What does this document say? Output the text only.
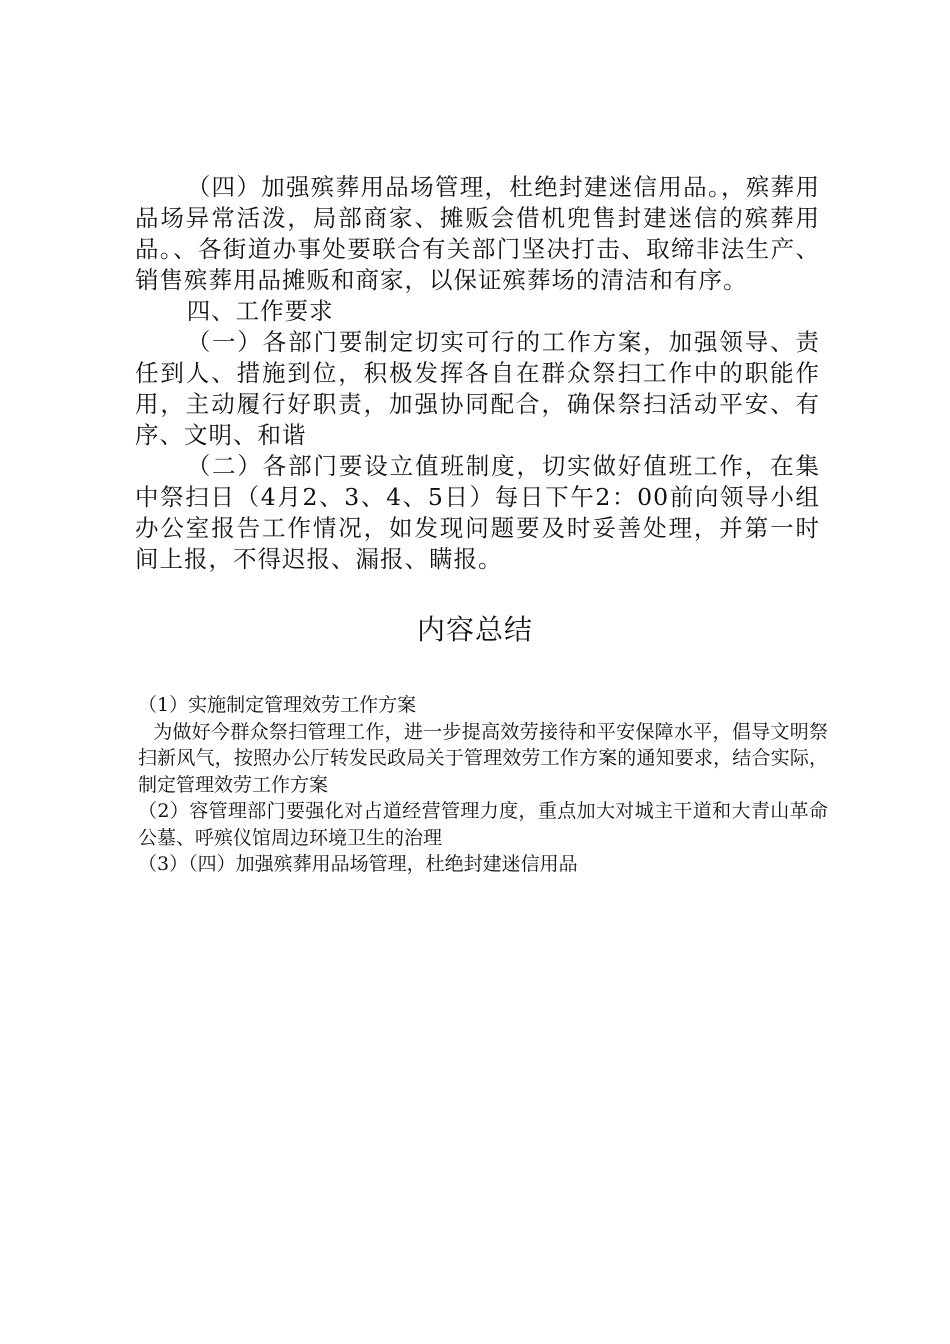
（四）加强殡葬用品场管理，杜绝封建迷信用品。，殡葬用品场异常活泼，局部商家、摊贩会借机兜售封建迷信的殡葬用品。、各街道办事处要联合有关部门坚决打击、取缔非法生产、销售殡葬用品摊贩和商家，以保证殡葬场的清洁和有序。

四、工作要求

（一）各部门要制定切实可行的工作方案，加强领导、责任到人、措施到位，积极发挥各自在群众祭扫工作中的职能作用，主动履行好职责，加强协同配合，确保祭扫活动平安、有序、文明、和谐

（二）各部门要设立值班制度，切实做好值班工作，在集中祭扫日（4月2、3、4、5日）每日下午2：00前向领导小组办公室报告工作情况，如发现问题要及时妥善处理，并第一时间上报，不得迟报、漏报、瞒报。

内容总结

（1）实施制定管理效劳工作方案

为做好今群众祭扫管理工作，进一步提高效劳接待和平安保障水平，倡导文明祭扫新风气，按照办公厅转发民政局关于管理效劳工作方案的通知要求，结合实际，制定管理效劳工作方案

（2）容管理部门要强化对占道经营管理力度，重点加大对城主干道和大青山革命公墓、呼殡仪馆周边环境卫生的治理

（3）（四）加强殡葬用品场管理，杜绝封建迷信用品
